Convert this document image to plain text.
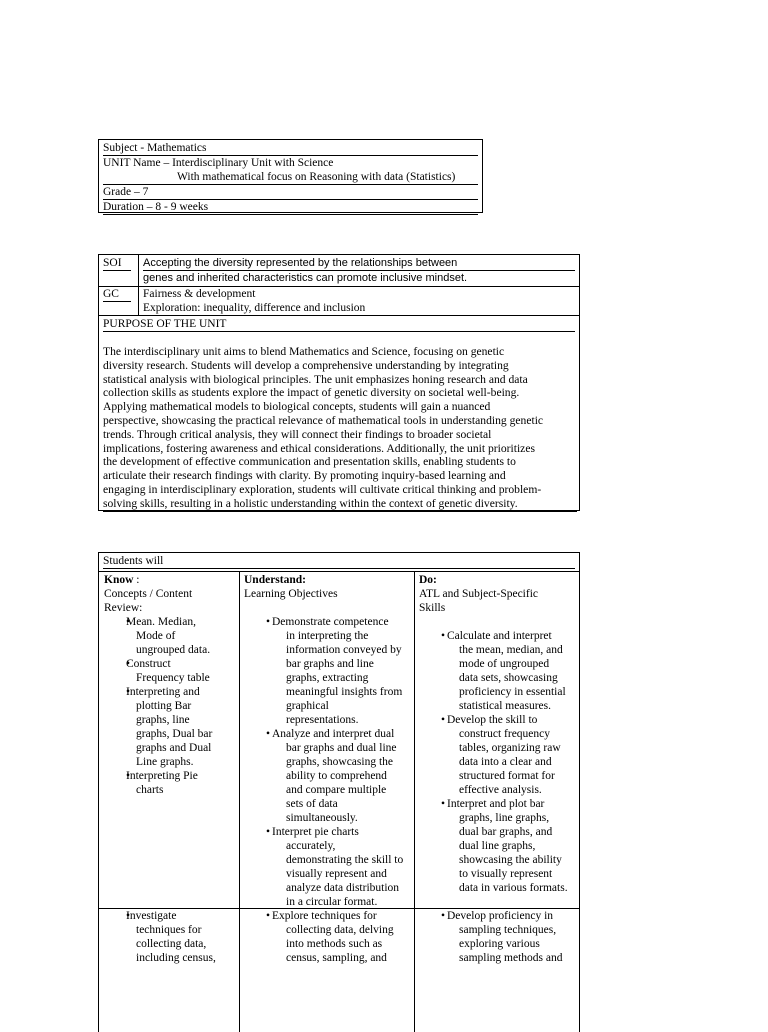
Subject - Mathematics
UNIT Name – Interdisciplinary Unit with Science
With mathematical focus on Reasoning with data (Statistics)
Grade – 7
Duration – 8 - 9 weeks
SOI	Accepting the diversity represented by the relationships between
genes and inherited characteristics can promote inclusive mindset.
GC	Fairness & development
Exploration: inequality, difference and inclusion
PURPOSE OF THE UNIT
The interdisciplinary unit aims to blend Mathematics and Science, focusing on genetic
diversity research. Students will develop a comprehensive understanding by integrating
statistical analysis with biological principles. The unit emphasizes honing research and data
collection skills as students explore the impact of genetic diversity on societal well-being.
Applying mathematical models to biological concepts, students will gain a nuanced
perspective, showcasing the practical relevance of mathematical tools in understanding genetic
trends. Through critical analysis, they will connect their findings to broader societal
implications, fostering awareness and ethical considerations. Additionally, the unit prioritizes
the development of effective communication and presentation skills, enabling students to
articulate their research findings with clarity. By promoting inquiry-based learning and
engaging in interdisciplinary exploration, students will cultivate critical thinking and problem-
solving skills, resulting in a holistic understanding within the context of genetic diversity.
Students will
Know :
Concepts / Content
Review:
• Mean. Median,
Mode of
ungrouped data.
• Construct
Frequency table
• Interpreting and
plotting Bar
graphs, line
graphs, Dual bar
graphs and Dual
Line graphs.
• Interpreting Pie
charts
Understand:
Learning Objectives
• Demonstrate competence
in interpreting the
information conveyed by
bar graphs and line
graphs, extracting
meaningful insights from
graphical
representations.
• Analyze and interpret dual
bar graphs and dual line
graphs, showcasing the
ability to comprehend
and compare multiple
sets of data
simultaneously.
• Interpret pie charts
accurately,
demonstrating the skill to
visually represent and
analyze data distribution
in a circular format.
Do:
ATL and Subject-Specific
Skills
• Calculate and interpret
the mean, median, and
mode of ungrouped
data sets, showcasing
proficiency in essential
statistical measures.
• Develop the skill to
construct frequency
tables, organizing raw
data into a clear and
structured format for
effective analysis.
• Interpret and plot bar
graphs, line graphs,
dual bar graphs, and
dual line graphs,
showcasing the ability
to visually represent
data in various formats.
• Investigate
techniques for
collecting data,
including census,
• Explore techniques for
collecting data, delving
into methods such as
census, sampling, and
• Develop proficiency in
sampling techniques,
exploring various
sampling methods and
